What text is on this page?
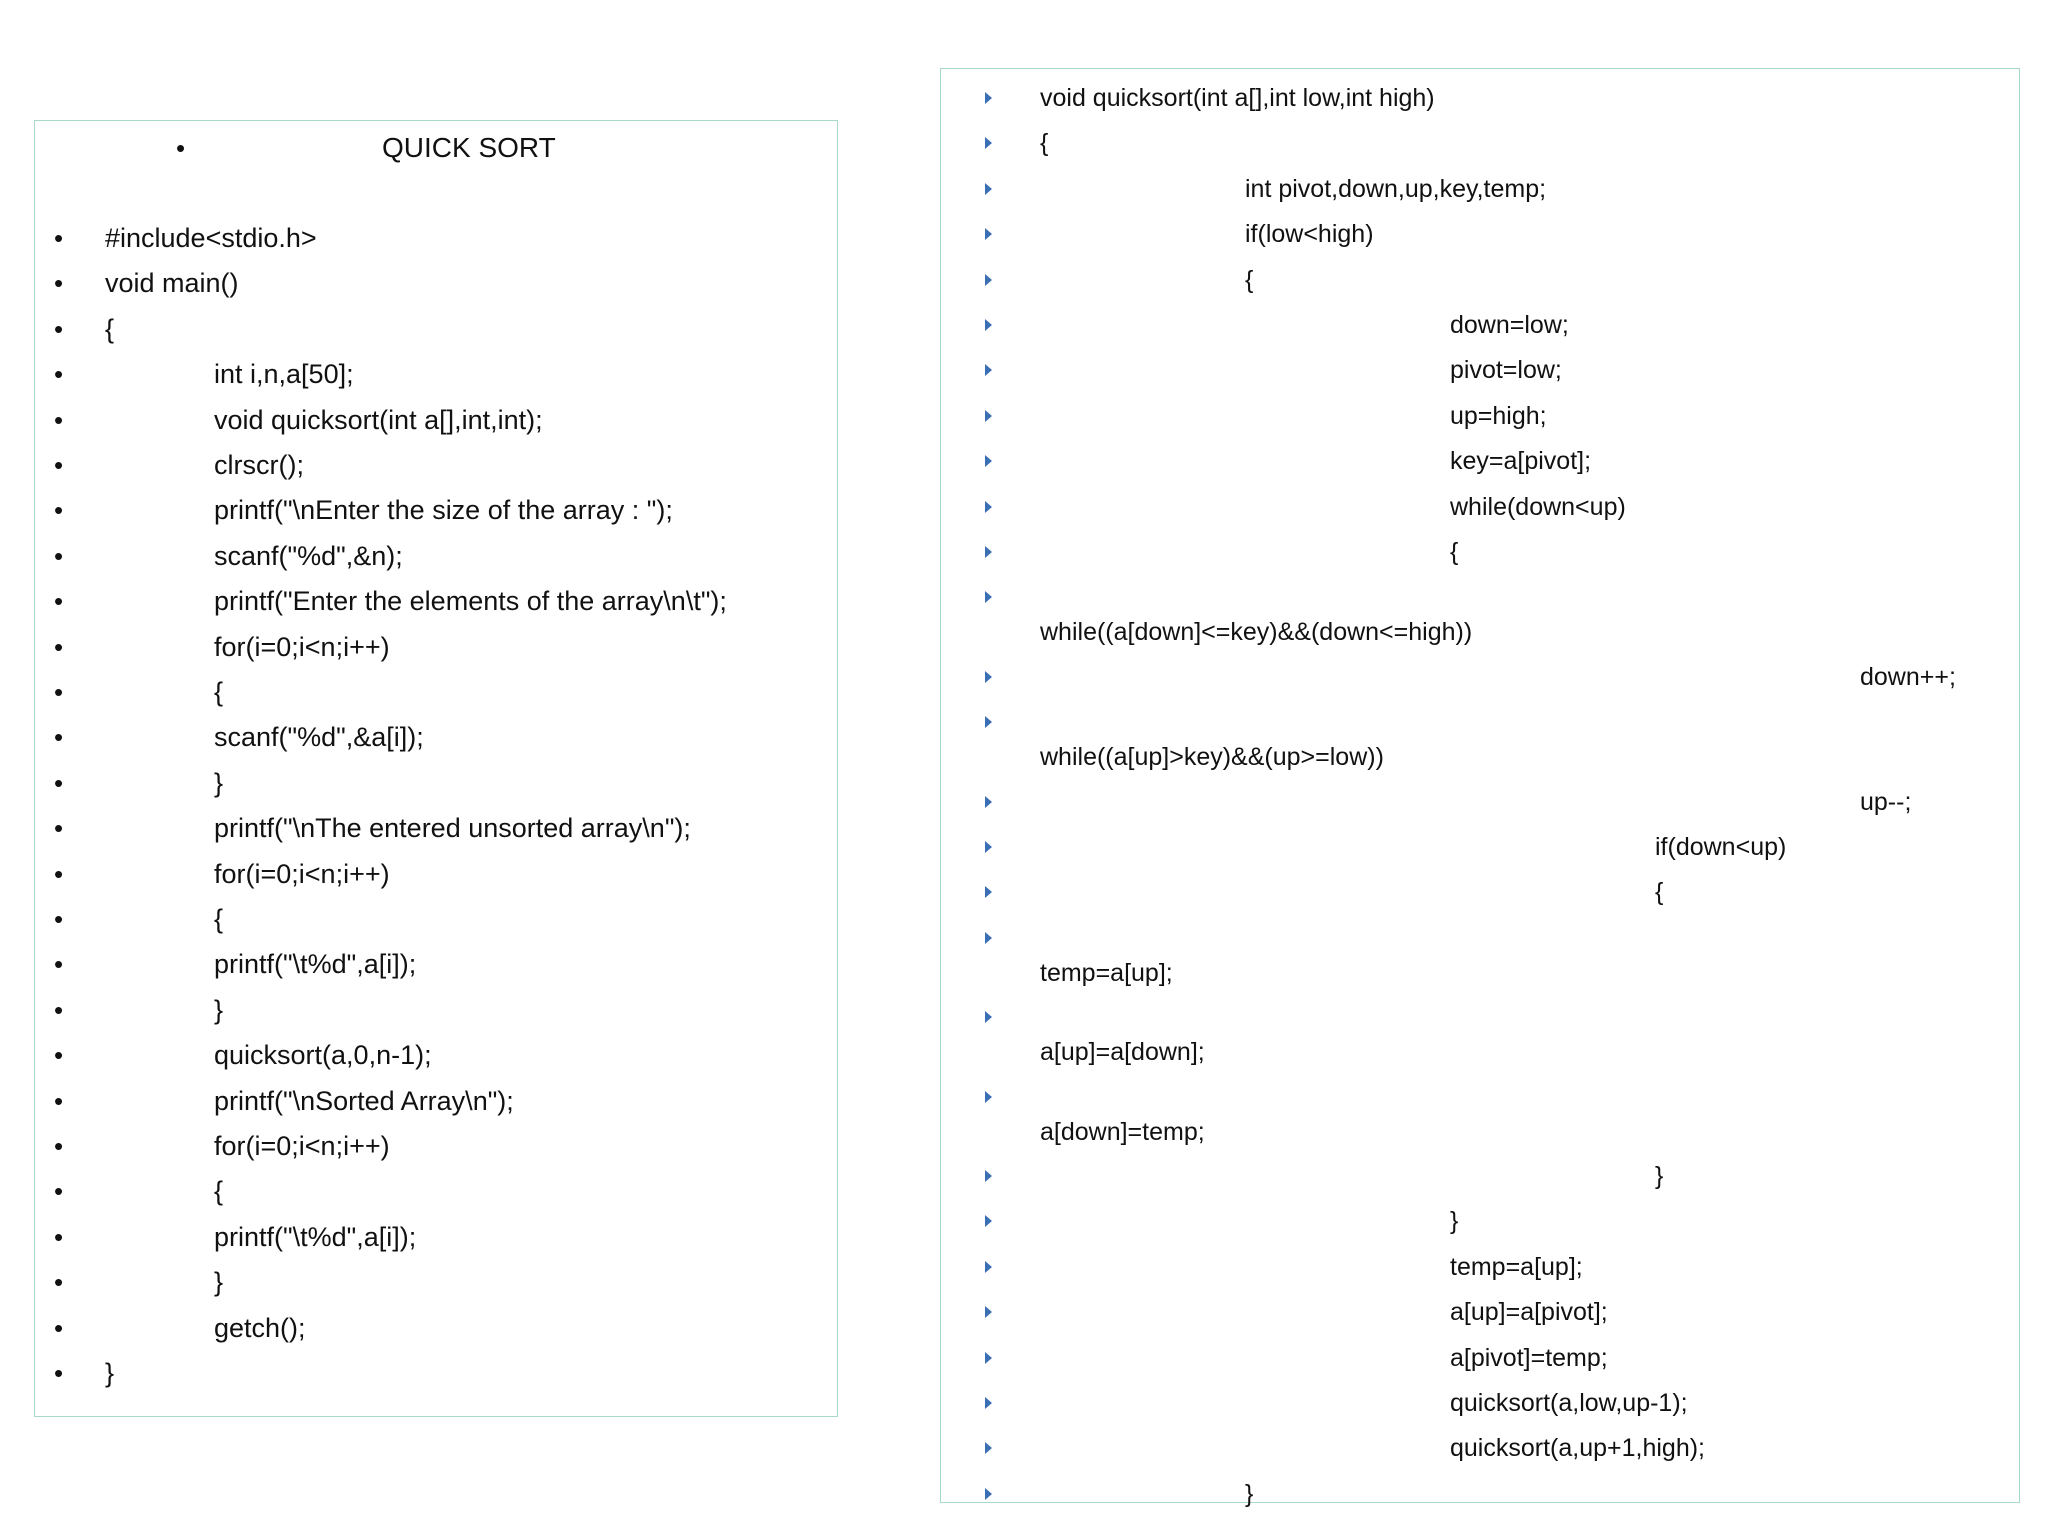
•	QUICK SORT
• #include<stdio.h>
• void main()
• {
•	int i,n,a[50];
•	void quicksort(int a[],int,int);
•	clrscr();
•	printf("\nEnter the size of the array : ");
•	scanf("%d",&n);
•	printf("Enter the elements of the array\n\t");
•	for(i=0;i<n;i++)
•	{
•	scanf("%d",&a[i]);
•	}
•	printf("\nThe entered unsorted array\n");
•	for(i=0;i<n;i++)
•	{
•	printf("\t%d",a[i]);
•	}
•	quicksort(a,0,n-1);
•	printf("\nSorted Array\n");
•	for(i=0;i<n;i++)
•	{
•	printf("\t%d",a[i]);
•	}
•	getch();
• }
void quicksort(int a[],int low,int high)
{
int pivot,down,up,key,temp;
if(low<high)
{
down=low;
pivot=low;
up=high;
key=a[pivot];
while(down<up)
{
while((a[down]<=key)&&(down<=high))
down++;
while((a[up]>key)&&(up>=low))
up--;
if(down<up)
{
temp=a[up];
a[up]=a[down];
a[down]=temp;
}
}
temp=a[up];
a[up]=a[pivot];
a[pivot]=temp;
quicksort(a,low,up-1);
quicksort(a,up+1,high);
}
